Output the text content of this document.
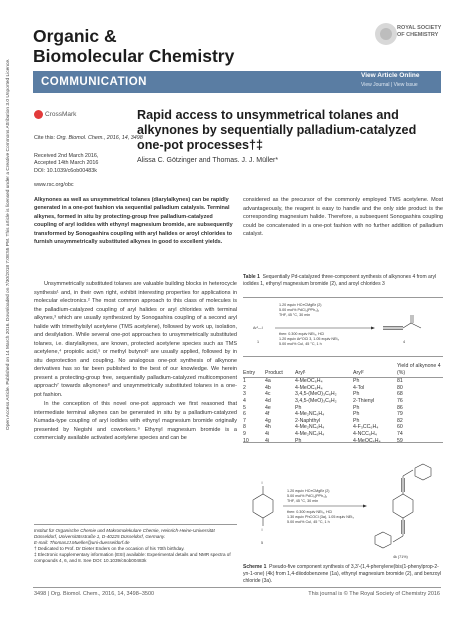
Organic &
Biomolecular Chemistry
ROYAL SOCIETY
OF CHEMISTRY
COMMUNICATION
View Article Online
View Journal | View Issue
Open Access Article. Published on 14 March 2016. Downloaded on 7/30/2018 7:08:55 PM. This article is licensed under a Creative Commons Attribution 3.0 Unported Licence.	CrossMark
Cite this: Org. Biomol. Chem., 2016, 14, 3498
Received 2nd March 2016,
Accepted 14th March 2016
DOI: 10.1039/c6ob00483k
www.rsc.org/obc
Rapid access to unsymmetrical tolanes and alkynones by sequentially palladium-catalyzed one-pot processes†‡
Alissa C. Götzinger and Thomas. J. J. Müller*
Alkynones as well as unsymmetrical tolanes (diarylalkynes) can be rapidly generated in a one-pot fashion via sequential palladium catalysis. Terminal alkynes, formed in situ by protecting-group free palladium-catalyzed coupling of aryl iodides with ethynyl magnesium bromide, are subsequently transformed by Sonogashira coupling with aryl halides or aroyl chlorides to furnish unsymmetrically substituted alkynes in good to excellent yields.

Unsymmetrically substituted tolanes are valuable building blocks in heterocycle synthesis¹ and, in their own right, exhibit interesting properties for applications in molecular electronics.² The most common approach to this class of molecules is the palladium-catalyzed coupling of aryl halides or aryl chlorides with terminal alkynes,³ which are usually synthesized by Sonogashira coupling of a second aryl halide with trimethylsilyl acetylene (TMS acetylene), followed by work up, isolation, and desilylation. While several one-pot approaches to unsymmetrically substituted tolanes, i.e. diarylalkynes, are known, protected acetylene species such as TMS acetylene,⁴ propiolic acid,⁵ or methyl butynol⁶ are usually applied, followed by in situ deprotection and coupling. No analogous one-pot synthesis of alkynone derivatives has so far been published to the best of our knowledge. We herein present a protecting-group free, sequentially palladium-catalyzed multicomponent approach⁷ towards alkynones⁸ and unsymmetrically substituted tolanes in a one-pot fashion.

In the conception of this novel one-pot approach we first reasoned that intermediate terminal alkynes can be generated in situ by a palladium-catalyzed Kumada-type coupling of aryl iodides with ethynyl magnesium bromide originally presented by Negishi and coworkers.⁹ Ethynyl magnesium bromide is a commercially available activated acetylene species and can be

considered as the precursor of the commonly employed TMS acetylene. Most advantageously, the reagent is easy to handle and the only side product is the corresponding magnesium halide. Therefore, a subsequent Sonogashira coupling could be concatenated in a one-pot fashion with no further addition of palladium catalyst.

Table 1 Sequentially Pd-catalyzed three-component synthesis of alkynones 4 from aryl iodides 1, ethynyl magnesium bromide (2), and aroyl chlorides 3
Ar¹—I
1
1.20 equiv HC≡CMgBr (2)
5.00 mol% PdCl₂(PPh₃)₂
THF, 45 °C, 30 min
then: 0.300 equiv NEt₃, HCl
1.20 equiv ArᶜOCl 3, 1.05 equiv NEt₃
5.00 mol% CuI, 45 °C, 1 h	4
Entry	Product	Aryl¹	Aryl²	Yield of alkynone 4 (%)

1	4a	4-MeOC₆H₄	Ph	81
2	4b	4-MeOC₆H₄	4-Tol	80
3	4c	3,4,5-(MeO)₃C₆H₂	Ph	68
4	4d	3,4,5-(MeO)₃C₆H₂	2-Thienyl	76
5	4e	Ph	Ph	86
6	4f	4-Me₂NC₆H₄	Ph	79
7	4g	2-Naphthyl	Ph	82
8	4h	4-Me₂NC₆H₄	4-F₃CC₆H₄	60
9	4i	4-Me₂NC₆H₄	4-NCC₆H₄	74
10	4j	Ph	4-MeOC₆H₄	59
I
I
1.20 equiv HC≡CMgBr (2)
5.00 mol% PdCl₂(PPh₃)₂
THF, 45 °C, 30 min
then: 0.300 equiv NEt₃, HCl
1.30 equiv PhCOCl (3a), 1.05 equiv NEt₃
5.00 mol% CuI, 45 °C, 1 h
5
4k (71%)
Scheme 1 Pseudo-five component synthesis of 3,3′-(1,4-phenylene)bis(1-phenylprop-2-yn-1-one) (4k) from 1,4-diiodobenzene (1a), ethynyl magnesium bromide (2), and benzoyl chloride (3a).
Institut für Organische Chemie und Makromolekulare Chemie, Heinrich-Heine-Universität Düsseldorf, Universitätsstraße 1, D-40225 Düsseldorf, Germany.
E-mail: ThomasJJ.Mueller@uni-duesseldorf.de
† Dedicated to Prof. Dr Dieter Enders on the occasion of his 70th birthday.
‡ Electronic supplementary information (ESI) available: Experimental details and NMR spectra of compounds 4, 6, and 8. See DOI: 10.1039/c6ob00483k
3498 | Org. Biomol. Chem., 2016, 14, 3498–3500	This journal is © The Royal Society of Chemistry 2016
